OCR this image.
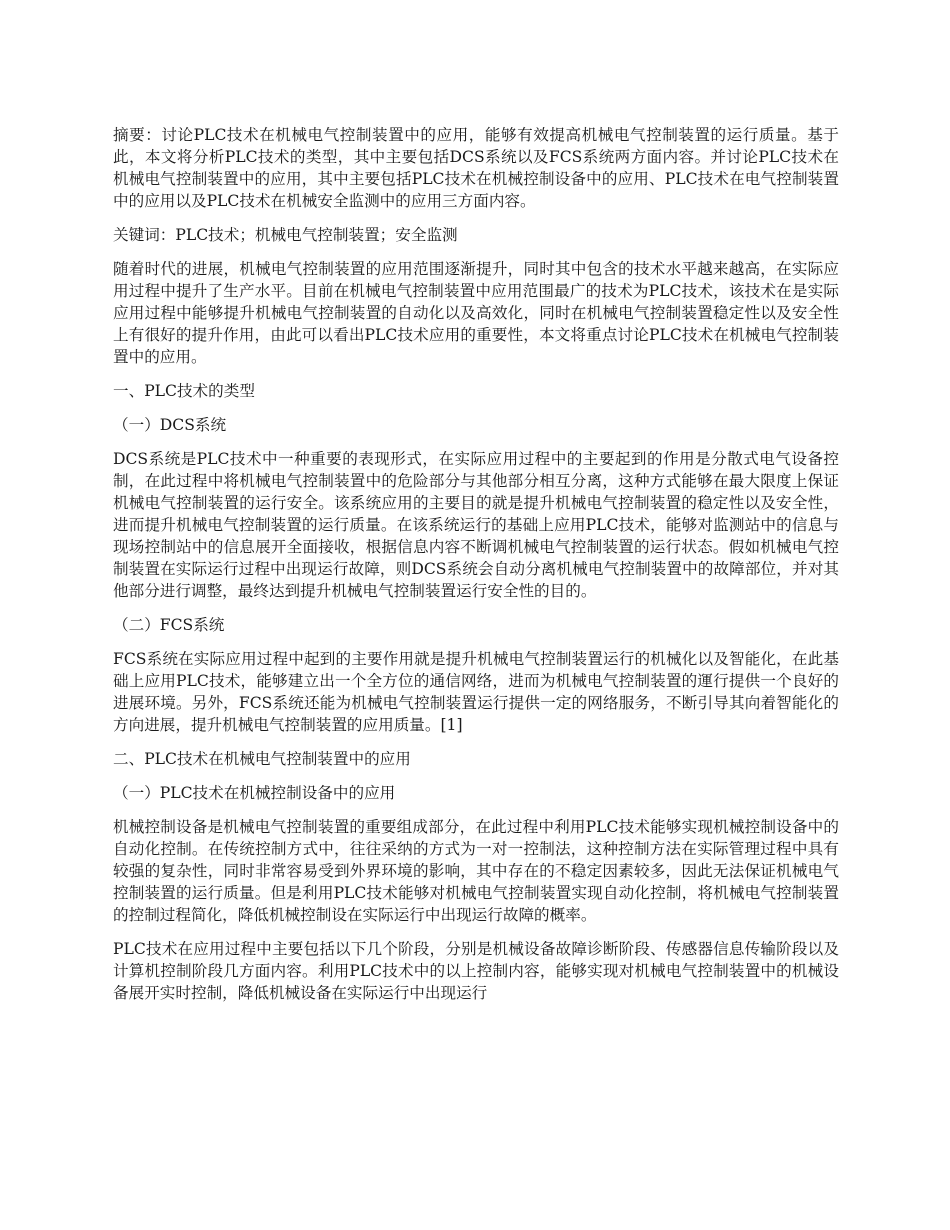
摘要：讨论PLC技术在机械电气控制装置中的应用，能够有效提高机械电气控制装置的运行质量。基于此，本文将分析PLC技术的类型，其中主要包括DCS系统以及FCS系统两方面内容。并讨论PLC技术在机械电气控制装置中的应用，其中主要包括PLC技术在机械控制设备中的应用、PLC技术在电气控制装置中的应用以及PLC技术在机械安全监测中的应用三方面内容。

关键词：PLC技术；机械电气控制装置；安全监测

随着时代的进展，机械电气控制装置的应用范围逐渐提升，同时其中包含的技术水平越来越高，在实际应用过程中提升了生产水平。目前在机械电气控制装置中应用范围最广的技术为PLC技术，该技术在是实际应用过程中能够提升机械电气控制装置的自动化以及高效化，同时在机械电气控制装置稳定性以及安全性上有很好的提升作用，由此可以看出PLC技术应用的重要性，本文将重点讨论PLC技术在机械电气控制装置中的应用。

一、PLC技术的类型

（一）DCS系统

DCS系统是PLC技术中一种重要的表现形式，在实际应用过程中的主要起到的作用是分散式电气设备控制，在此过程中将机械电气控制装置中的危险部分与其他部分相互分离，这种方式能够在最大限度上保证机械电气控制装置的运行安全。该系统应用的主要目的就是提升机械电气控制装置的稳定性以及安全性，进而提升机械电气控制装置的运行质量。在该系统运行的基础上应用PLC技术，能够对监测站中的信息与现场控制站中的信息展开全面接收，根据信息内容不断调机械电气控制装置的运行状态。假如机械电气控制装置在实际运行过程中出现运行故障，则DCS系统会自动分离机械电气控制装置中的故障部位，并对其他部分进行调整，最终达到提升机械电气控制装置运行安全性的目的。

（二）FCS系统

FCS系统在实际应用过程中起到的主要作用就是提升机械电气控制装置运行的机械化以及智能化，在此基础上应用PLC技术，能够建立出一个全方位的通信网络，进而为机械电气控制装置的運行提供一个良好的进展环境。另外，FCS系统还能为机械电气控制装置运行提供一定的网络服务，不断引导其向着智能化的方向进展，提升机械电气控制装置的应用质量。[1]

二、PLC技术在机械电气控制装置中的应用

（一）PLC技术在机械控制设备中的应用

机械控制设备是机械电气控制装置的重要组成部分，在此过程中利用PLC技术能够实现机械控制设备中的自动化控制。在传统控制方式中，往往采纳的方式为一对一控制法，这种控制方法在实际管理过程中具有较强的复杂性，同时非常容易受到外界环境的影响，其中存在的不稳定因素较多，因此无法保证机械电气控制装置的运行质量。但是利用PLC技术能够对机械电气控制装置实现自动化控制，将机械电气控制装置的控制过程简化，降低机械控制设在实际运行中出现运行故障的概率。

PLC技术在应用过程中主要包括以下几个阶段，分别是机械设备故障诊断阶段、传感器信息传输阶段以及计算机控制阶段几方面内容。利用PLC技术中的以上控制内容，能够实现对机械电气控制装置中的机械设备展开实时控制，降低机械设备在实际运行中出现运行
